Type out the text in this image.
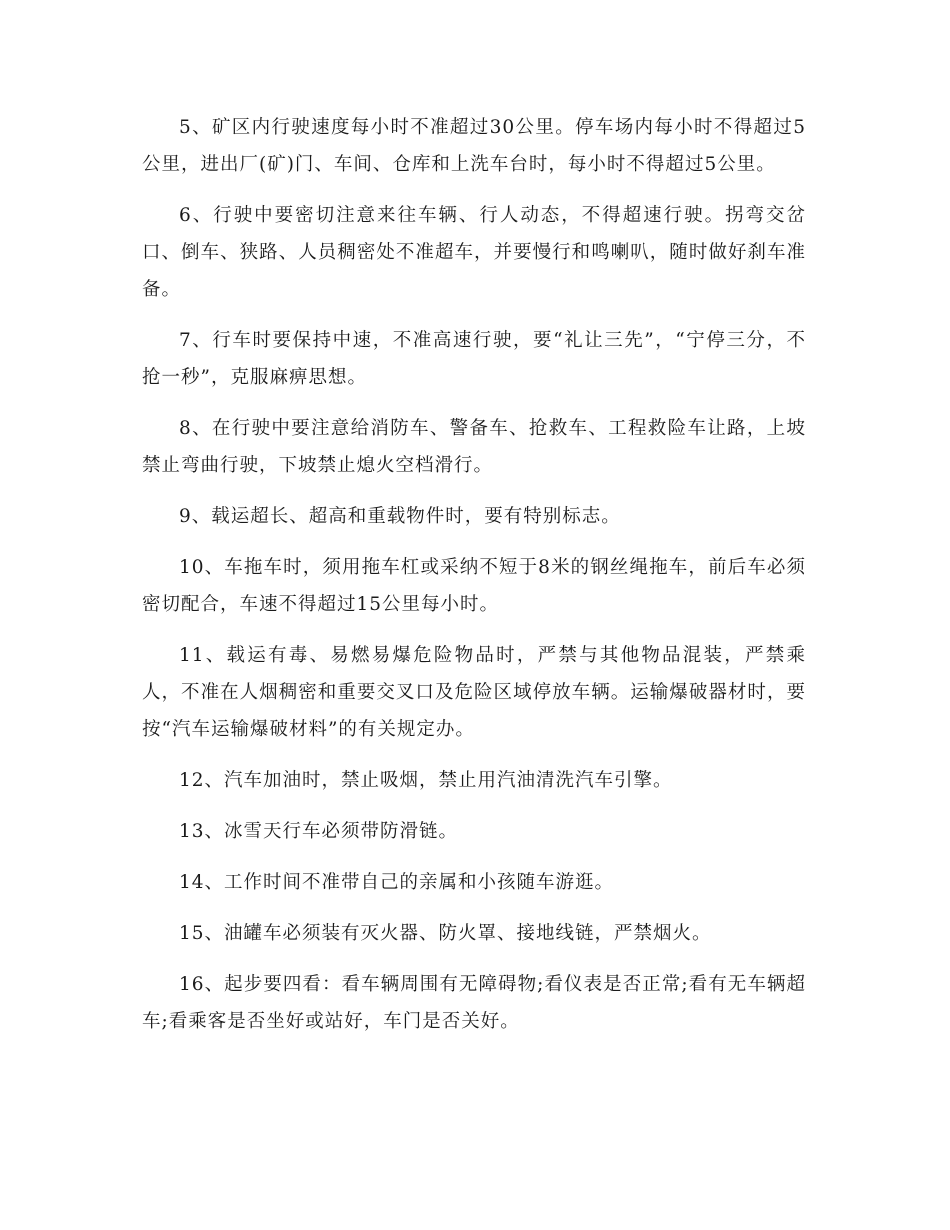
5、矿区内行驶速度每小时不准超过30公里。停车场内每小时不得超过5公里，进出厂(矿)门、车间、仓库和上洗车台时，每小时不得超过5公里。

6、行驶中要密切注意来往车辆、行人动态，不得超速行驶。拐弯交岔口、倒车、狭路、人员稠密处不准超车，并要慢行和鸣喇叭，随时做好刹车准备。

7、行车时要保持中速，不准高速行驶，要“礼让三先”，“宁停三分，不抢一秒”，克服麻痹思想。

8、在行驶中要注意给消防车、警备车、抢救车、工程救险车让路，上坡禁止弯曲行驶，下坡禁止熄火空档滑行。

9、载运超长、超高和重载物件时，要有特别标志。

10、车拖车时，须用拖车杠或采纳不短于8米的钢丝绳拖车，前后车必须密切配合，车速不得超过15公里每小时。

11、载运有毒、易燃易爆危险物品时，严禁与其他物品混装，严禁乘人，不准在人烟稠密和重要交叉口及危险区域停放车辆。运输爆破器材时，要按“汽车运输爆破材料”的有关规定办。

12、汽车加油时，禁止吸烟，禁止用汽油清洗汽车引擎。

13、冰雪天行车必须带防滑链。

14、工作时间不准带自己的亲属和小孩随车游逛。

15、油罐车必须装有灭火器、防火罩、接地线链，严禁烟火。

16、起步要四看：看车辆周围有无障碍物;看仪表是否正常;看有无车辆超车;看乘客是否坐好或站好，车门是否关好。
